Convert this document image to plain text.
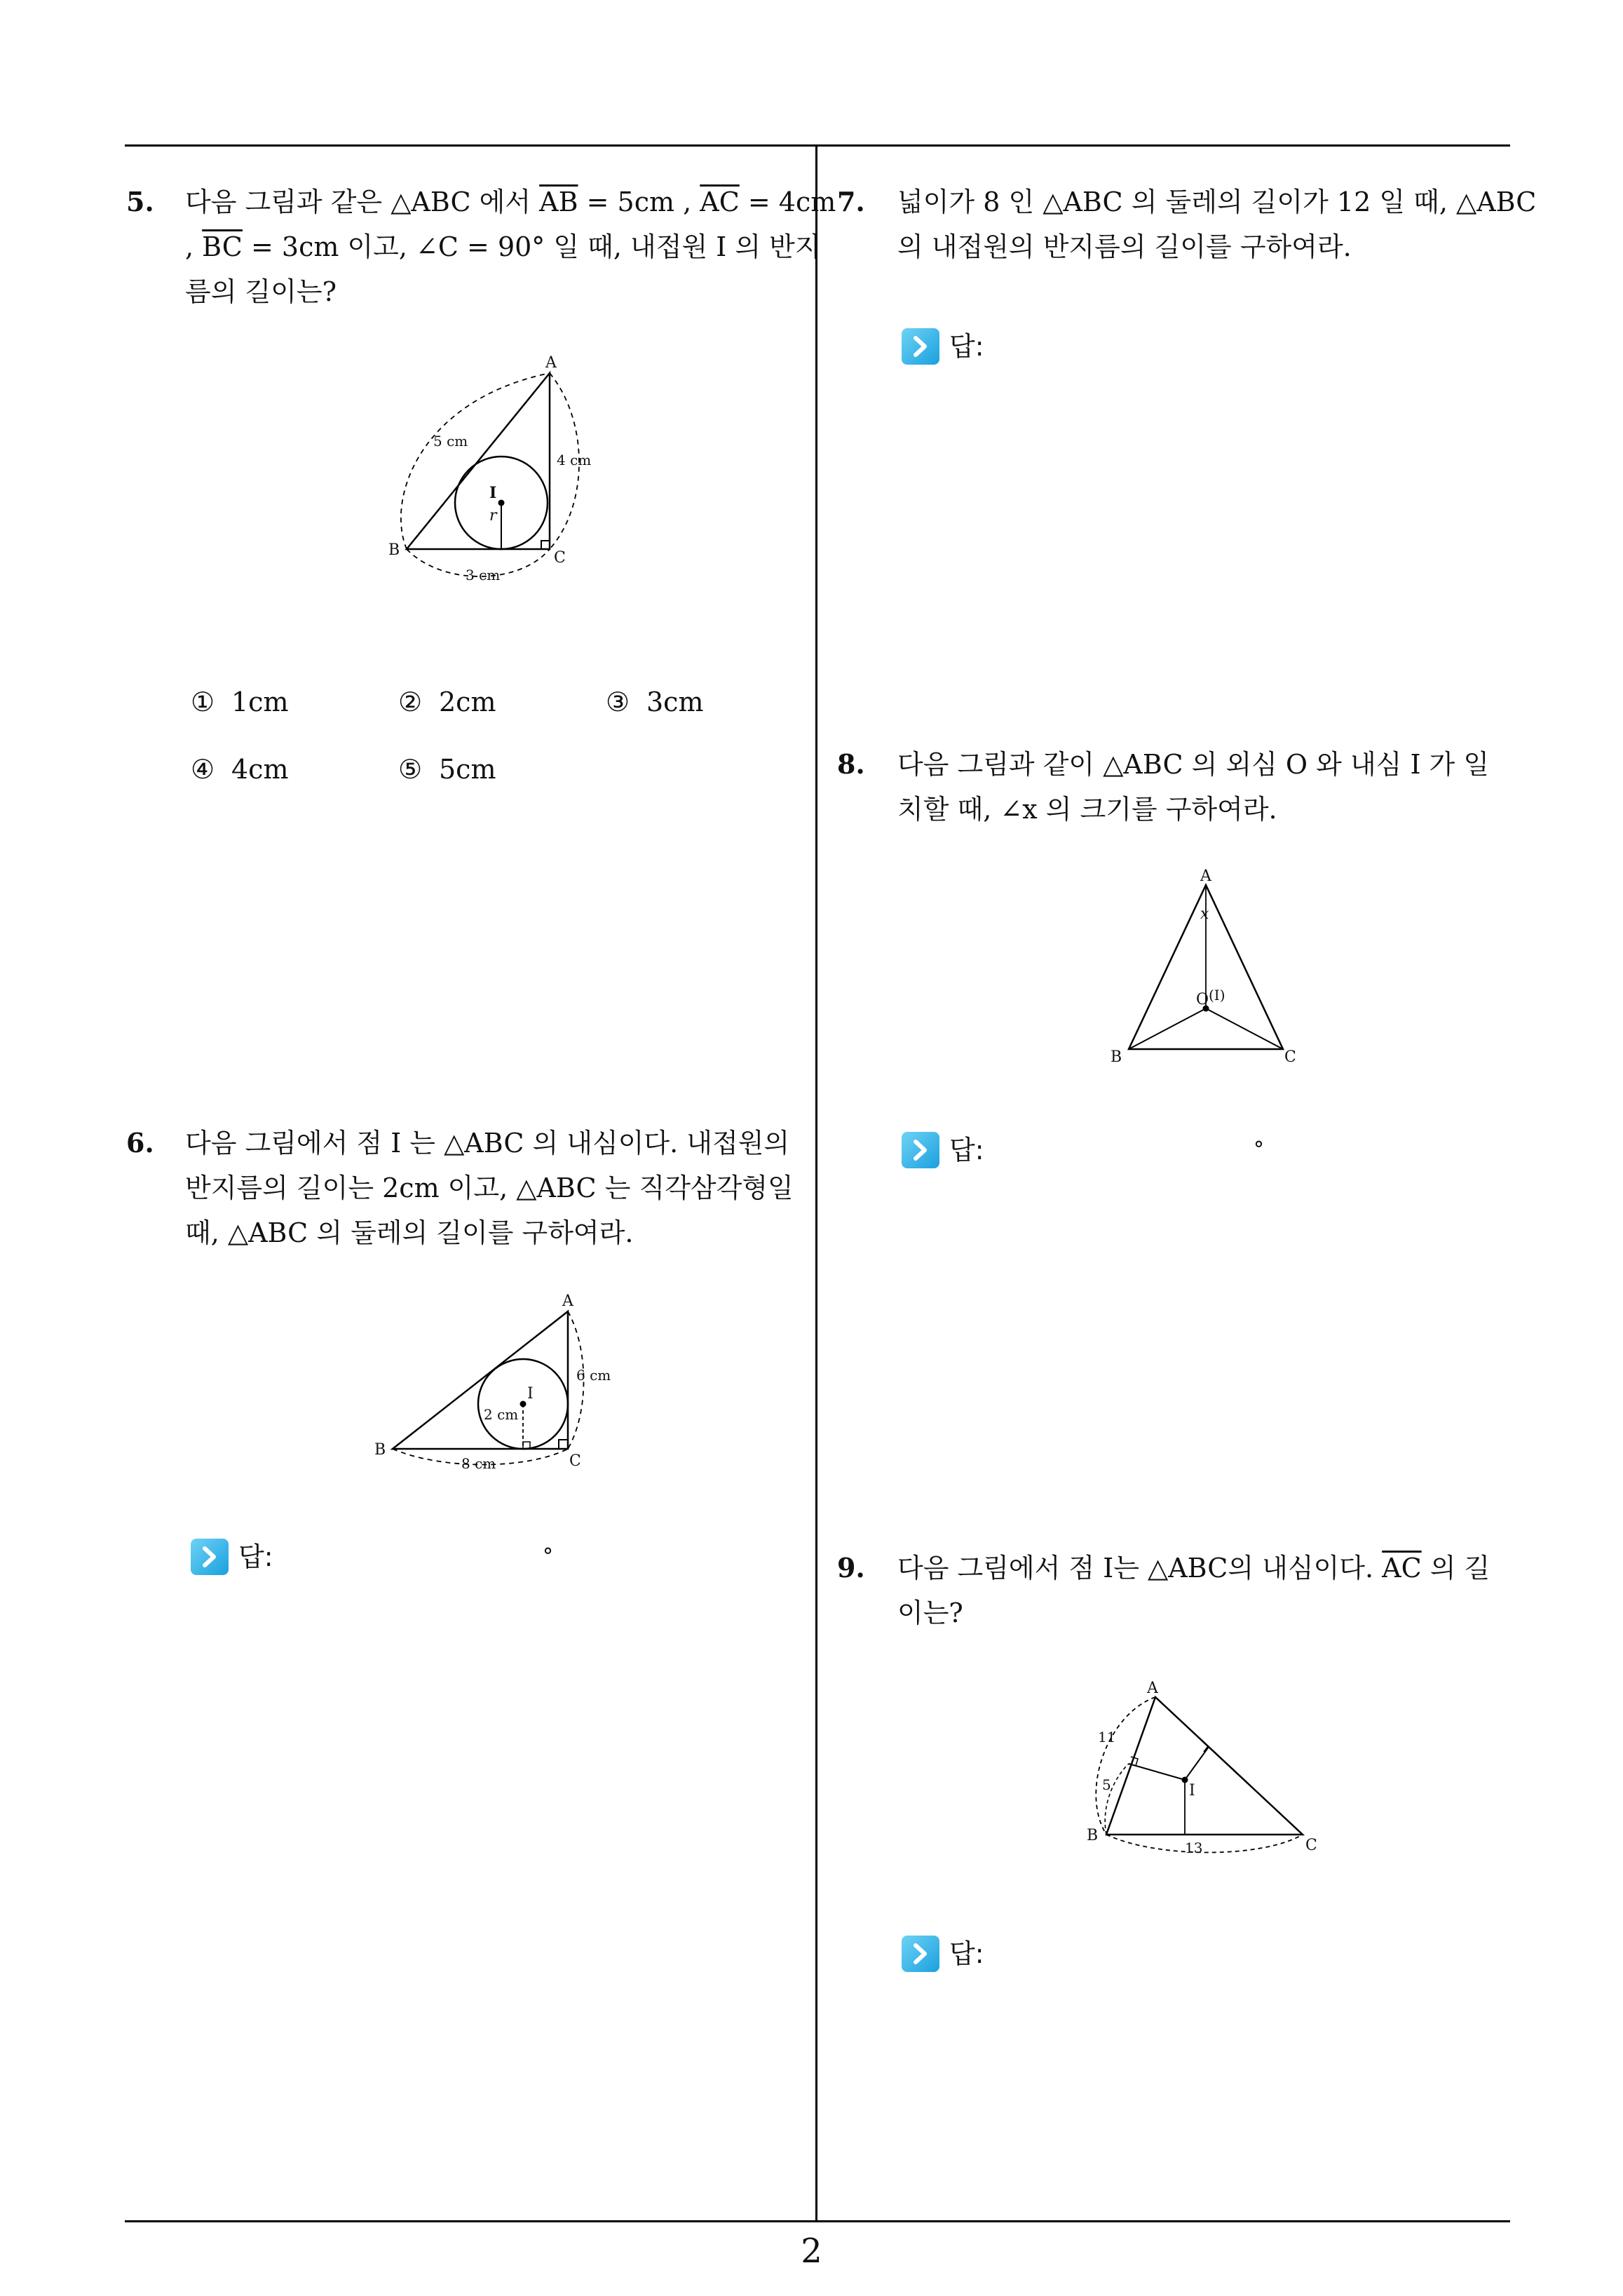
5. 다음 그림과 같은 △ABC 에서 $\overline{AB} = 5cm$ , $\overline{AC} = 4cm$
, $\overline{BC} = 3cm$ 이고, ∠C = 90° 일 때, 내접원 I 의 반지
름의 길이는?
A
B	C
I
r
5 cm
4 cm
3 cm
① 1cm	② 2cm	③ 3cm
④ 4cm	⑤ 5cm
6. 다음 그림에서 점 I 는 △ABC 의 내심이다. 내접원의
반지름의 길이는 2cm 이고, △ABC 는 직각삼각형일
때, △ABC 의 둘레의 길이를 구하여라.
A
B
C
I
2 cm
6 cm
8 cm
답:	°
7. 넓이가 8 인 △ABC 의 둘레의 길이가 12 일 때, △ABC
의 내접원의 반지름의 길이를 구하여라.
답:
8. 다음 그림과 같이 △ABC 의 외심 O 와 내심 I 가 일
치할 때, ∠x 의 크기를 구하여라.
A
B	C
x
O (I)
답:	°
9. 다음 그림에서 점 I는 △ABC의 내심이다. $\overline{AC}$ 의 길
이는?
A
B
C
I
11
5
13
답:
2
